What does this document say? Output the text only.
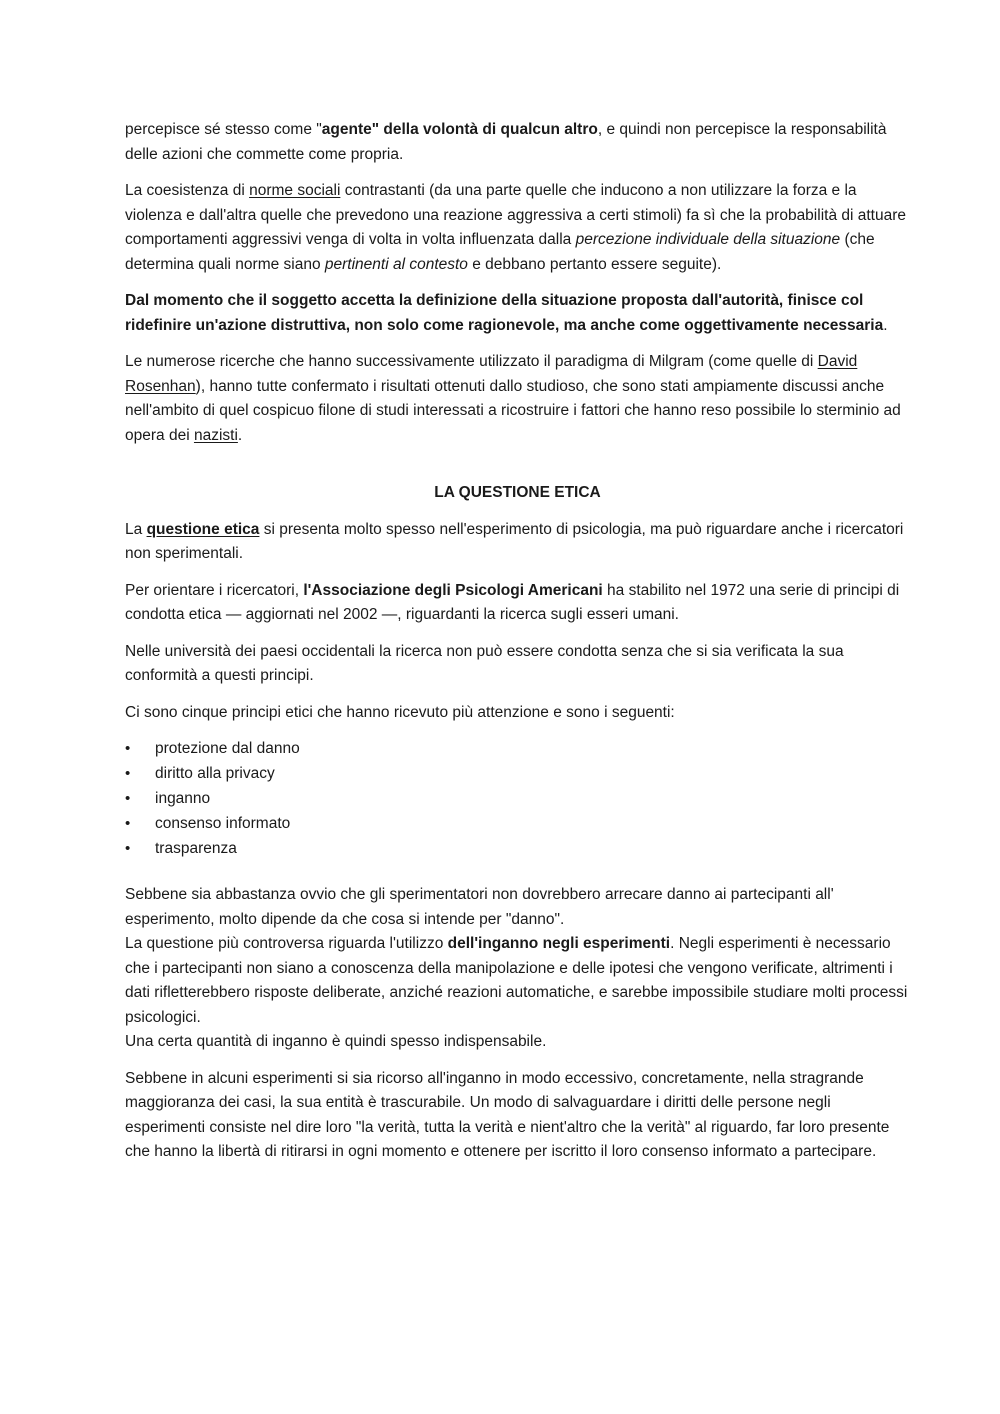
percepisce sé stesso come "agente" della volontà di qualcun altro, e quindi non percepisce la responsabilità delle azioni che commette come propria.

La coesistenza di norme sociali contrastanti (da una parte quelle che inducono a non utilizzare la forza e la violenza e dall'altra quelle che prevedono una reazione aggressiva a certi stimoli) fa sì che la probabilità di attuare comportamenti aggressivi venga di volta in volta influenzata dalla percezione individuale della situazione (che determina quali norme siano pertinenti al contesto e debbano pertanto essere seguite).

Dal momento che il soggetto accetta la definizione della situazione proposta dall'autorità, finisce col ridefinire un'azione distruttiva, non solo come ragionevole, ma anche come oggettivamente necessaria.

Le numerose ricerche che hanno successivamente utilizzato il paradigma di Milgram (come quelle di David Rosenhan), hanno tutte confermato i risultati ottenuti dallo studioso, che sono stati ampiamente discussi anche nell'ambito di quel cospicuo filone di studi interessati a ricostruire i fattori che hanno reso possibile lo sterminio ad opera dei nazisti.

LA QUESTIONE ETICA

La questione etica si presenta molto spesso nell'esperimento di psicologia, ma può riguardare anche i ricercatori non sperimentali.

Per orientare i ricercatori, l'Associazione degli Psicologi Americani ha stabilito nel 1972 una serie di principi di condotta etica — aggiornati nel 2002 —, riguardanti la ricerca sugli esseri umani.

Nelle università dei paesi occidentali la ricerca non può essere condotta senza che si sia verificata la sua conformità a questi principi.

Ci sono cinque principi etici che hanno ricevuto più attenzione e sono i seguenti:

•	protezione dal danno
•	diritto alla privacy
•	inganno
•	consenso informato
•	trasparenza

Sebbene sia abbastanza ovvio che gli sperimentatori non dovrebbero arrecare danno ai partecipanti all' esperimento, molto dipende da che cosa si intende per "danno".
La questione più controversa riguarda l'utilizzo dell'inganno negli esperimenti. Negli esperimenti è necessario che i partecipanti non siano a conoscenza della manipolazione e delle ipotesi che vengono verificate, altrimenti i dati rifletterebbero risposte deliberate, anziché reazioni automatiche, e sarebbe impossibile studiare molti processi psicologici.
Una certa quantità di inganno è quindi spesso indispensabile.

Sebbene in alcuni esperimenti si sia ricorso all'inganno in modo eccessivo, concretamente, nella stragrande maggioranza dei casi, la sua entità è trascurabile. Un modo di salvaguardare i diritti delle persone negli esperimenti consiste nel dire loro "la verità, tutta la verità e nient'altro che la verità" al riguardo, far loro presente che hanno la libertà di ritirarsi in ogni momento e ottenere per iscritto il loro consenso informato a partecipare.
